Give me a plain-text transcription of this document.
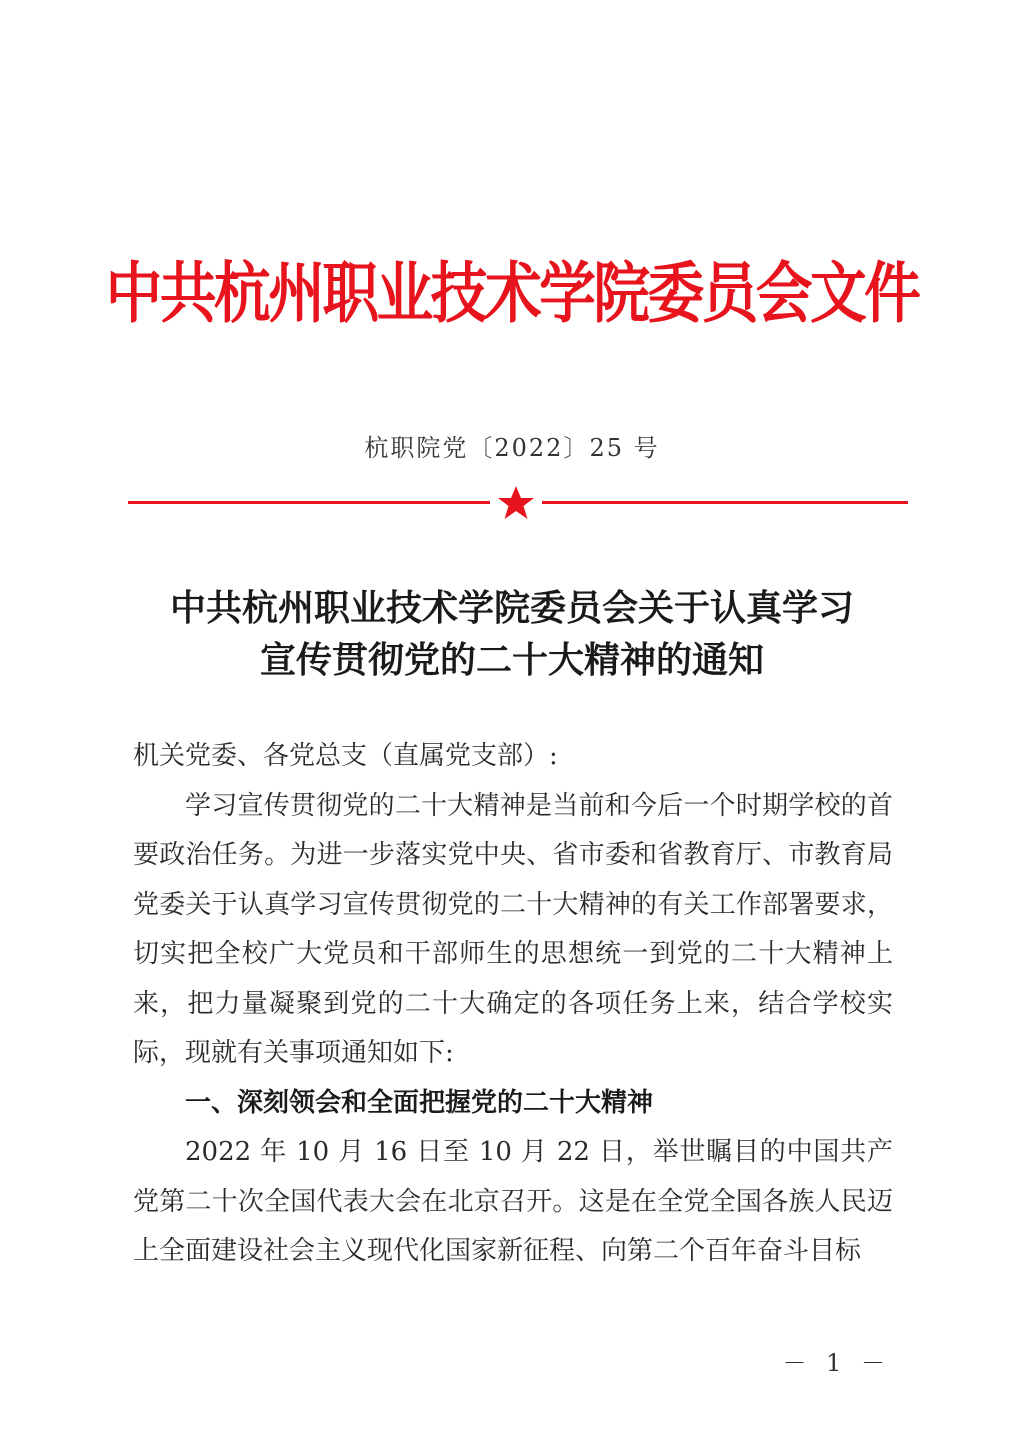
中共杭州职业技术学院委员会文件
杭职院党〔2022〕25 号
中共杭州职业技术学院委员会关于认真学习
宣传贯彻党的二十大精神的通知

机关党委、各党总支（直属党支部）:

学习宣传贯彻党的二十大精神是当前和今后一个时期学校的首要政治任务。为进一步落实党中央、省市委和省教育厅、市教育局党委关于认真学习宣传贯彻党的二十大精神的有关工作部署要求，切实把全校广大党员和干部师生的思想统一到党的二十大精神上来，把力量凝聚到党的二十大确定的各项任务上来，结合学校实际，现就有关事项通知如下:

一、深刻领会和全面把握党的二十大精神

2022 年 10 月 16 日至 10 月 22 日，举世瞩目的中国共产党第二十次全国代表大会在北京召开。这是在全党全国各族人民迈上全面建设社会主义现代化国家新征程、向第二个百年奋斗目标

－ 1 －
